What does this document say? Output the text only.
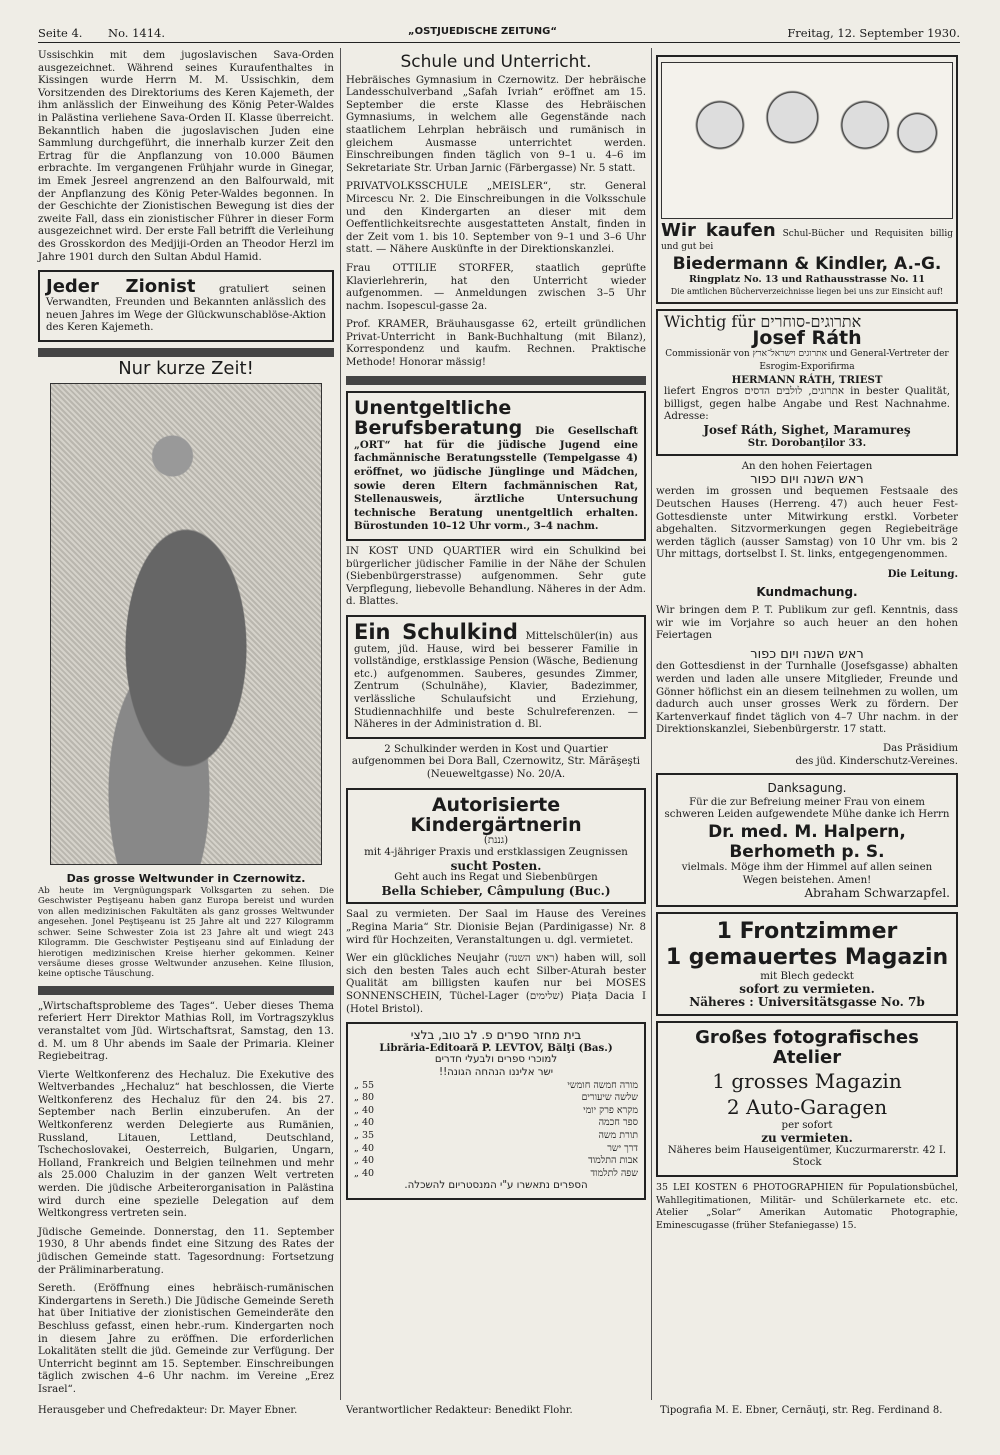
Seite 4. No. 1414.	„OSTJUEDISCHE ZEITUNG“	Freitag, 12. September 1930.

Ussischkin mit dem jugoslavischen Sava-Orden ausgezeichnet. Während seines Kuraufenthaltes in Kissingen wurde Herrn M. M. Ussischkin, dem Vorsitzenden des Direktoriums des Keren Kajemeth, der ihm anlässlich der Einweihung des König Peter-Waldes in Palästina verliehene Sava-Orden II. Klasse überreicht. Bekanntlich haben die jugoslavischen Juden eine Sammlung durchgeführt, die innerhalb kurzer Zeit den Ertrag für die Anpflanzung von 10.000 Bäumen erbrachte. Im vergangenen Frühjahr wurde in Ginegar, im Emek Jesreel angrenzend an den Balfourwald, mit der Anpflanzung des König Peter-Waldes begonnen. In der Geschichte der Zionistischen Bewegung ist dies der zweite Fall, dass ein zionistischer Führer in dieser Form ausgezeichnet wird. Der erste Fall betrifft die Verleihung des Grosskordon des Medjiji-Orden an Theodor Herzl im Jahre 1901 durch den Sultan Abdul Hamid.

Jeder Zionist gratuliert seinen Verwandten, Freunden und Bekannten anlässlich des neuen Jahres im Wege der Glückwunschablöse-Aktion des Keren Kajemeth.
Nur kurze Zeit!
Das grosse Weltwunder in Czernowitz.

Ab heute im Vergnügungspark Volksgarten zu sehen. Die Geschwister Peştişeanu haben ganz Europa bereist und wurden von allen medizinischen Fakultäten als ganz grosses Weltwunder angesehen. Jonel Peştişeanu ist 25 Jahre alt und 227 Kilogramm schwer. Seine Schwester Zoia ist 23 Jahre alt und wiegt 243 Kilogramm. Die Geschwister Peştişeanu sind auf Einladung der hierotigen medizinischen Kreise hierher gekommen. Keiner versäume dieses grosse Weltwunder anzusehen. Keine Illusion, keine optische Täuschung.

„Wirtschaftsprobleme des Tages“. Ueber dieses Thema referiert Herr Direktor Mathias Roll, im Vortragszyklus veranstaltet vom Jüd. Wirtschaftsrat, Samstag, den 13. d. M. um 8 Uhr abends im Saale der Primaria. Kleiner Regiebeitrag.

Vierte Weltkonferenz des Hechaluz. Die Exekutive des Weltverbandes „Hechaluz“ hat beschlossen, die Vierte Weltkonferenz des Hechaluz für den 24. bis 27. September nach Berlin einzuberufen. An der Weltkonferenz werden Delegierte aus Rumänien, Russland, Litauen, Lettland, Deutschland, Tschechoslovakei, Oesterreich, Bulgarien, Ungarn, Holland, Frankreich und Belgien teilnehmen und mehr als 25.000 Chaluzim in der ganzen Welt vertreten werden. Die jüdische Arbeiterorganisation in Palästina wird durch eine spezielle Delegation auf dem Weltkongress vertreten sein.

Jüdische Gemeinde. Donnerstag, den 11. September 1930, 8 Uhr abends findet eine Sitzung des Rates der jüdischen Gemeinde statt. Tagesordnung: Fortsetzung der Präliminarberatung.

Sereth. (Eröffnung eines hebräisch-rumänischen Kindergartens in Sereth.) Die Jüdische Gemeinde Sereth hat über Initiative der zionistischen Gemeinderäte den Beschluss gefasst, einen hebr.-rum. Kindergarten noch in diesem Jahre zu eröffnen. Die erforderlichen Lokalitäten stellt die jüd. Gemeinde zur Verfügung. Der Unterricht beginnt am 15. September. Einschreibungen täglich zwischen 4–6 Uhr nachm. im Vereine „Erez Israel“.

Schule und Unterricht.

Hebräisches Gymnasium in Czernowitz. Der hebräische Landesschulverband „Safah Ivriah“ eröffnet am 15. September die erste Klasse des Hebräischen Gymnasiums, in welchem alle Gegenstände nach staatlichem Lehrplan hebräisch und rumänisch in gleichem Ausmasse unterrichtet werden. Einschreibungen finden täglich von 9–1 u. 4–6 im Sekretariate Str. Urban Jarnic (Färbergasse) Nr. 5 statt.

PRIVATVOLKSSCHULE „MEISLER“, str. General Mircescu Nr. 2. Die Einschreibungen in die Volksschule und den Kindergarten an dieser mit dem Oeffentlichkeitsrechte ausgestatteten Anstalt, finden in der Zeit vom 1. bis 10. September von 9–1 und 3–6 Uhr statt. — Nähere Auskünfte in der Direktionskanzlei.

Frau OTTILIE STORFER, staatlich geprüfte Klavierlehrerin, hat den Unterricht wieder aufgenommen. — Anmeldungen zwischen 3–5 Uhr nachm. Isopescul-gasse 2a.

Prof. KRAMER, Bräuhausgasse 62, erteilt gründlichen Privat-Unterricht in Bank-Buchhaltung (mit Bilanz), Korrespondenz und kaufm. Rechnen. Praktische Methode! Honorar mässig!

Unentgeltliche Berufsberatung Die Gesellschaft „ORT“ hat für die jüdische Jugend eine fachmännische Beratungsstelle (Tempelgasse 4) eröffnet, wo jüdische Jünglinge und Mädchen, sowie deren Eltern fachmännischen Rat, Stellenausweis, ärztliche Untersuchung technische Beratung unentgeltlich erhalten. Bürostunden 10–12 Uhr vorm., 3–4 nachm.

IN KOST UND QUARTIER wird ein Schulkind bei bürgerlicher jüdischer Familie in der Nähe der Schulen (Siebenbürgerstrasse) aufgenommen. Sehr gute Verpflegung, liebevolle Behandlung. Näheres in der Adm. d. Blattes.

Ein Schulkind Mittelschüler(in) aus gutem, jüd. Hause, wird bei besserer Familie in vollständige, erstklassige Pension (Wäsche, Bedienung etc.) aufgenommen. Sauberes, gesundes Zimmer, Zentrum (Schulnähe), Klavier, Badezimmer, verlässliche Schulaufsicht und Erziehung, Studiennachhilfe und beste Schulreferenzen. — Näheres in der Administration d. Bl.

2 Schulkinder werden in Kost und Quartier aufgenommen bei Dora Ball, Czernowitz, Str. Mărăşeşti (Neueweltgasse) No. 20/A.

Autorisierte Kindergärtnerin
(גננת)
mit 4-jähriger Praxis und erstklassigen Zeugnissen
sucht Posten.
Geht auch ins Regat und Siebenbürgen
Bella Schieber, Câmpulung (Buc.)

Saal zu vermieten. Der Saal im Hause des Vereines „Regina Maria“ Str. Dionisie Bejan (Pardinigasse) Nr. 8 wird für Hochzeiten, Veranstaltungen u. dgl. vermietet.

Wer ein glückliches Neujahr (ראש השנה) haben will, soll sich den besten Tales auch echt Silber-Aturah bester Qualität am billigsten kaufen nur bei MOSES SONNENSCHEIN, Tüchel-Lager (שלימים) Piața Dacia I (Hotel Bristol).

בית מחזר ספרים פ. לב טוב, בלצי
Librăria-Editoară P. LEVTOV, Bălţi (Bas.)
למוכרי ספרים ולבעלי חדרים
ישר אליננו הנהחה הגונה!!
„ 55	מורה חמשה חומשי
„ 80	שלשה שיעורים
„ 40	מקרא פרק יומי
„ 40	ספר חכמה
„ 35	תורת משה
„ 40	דרך ישר
„ 40	אבות התלמוד
„ 40	שפה לתלמוד
הספרים נתאשרו ע"י המנסטריום להשכלה.
Wir kaufen Schul-Bücher und Requisiten billig und gut bei
Biedermann & Kindler, A.-G.
Ringplatz No. 13 und Rathausstrasse No. 11
Die amtlichen Bücherverzeichnisse liegen bei uns zur Einsicht auf!
Wichtig für אתרוגים-סוחרים
Josef Ráth
Commissionär von אתרוגים וישראל־ארץ und General-Vertreter der Esrogim-Exporifirma
HERMANN RÁTH, TRIEST
liefert Engros אתרוגים, לולבים הדסים in bester Qualität, billigst, gegen halbe Angabe und Rest Nachnahme. Adresse:
Josef Ráth, Sighet, Maramureş
Str. Dorobanţilor 33.
An den hohen Feiertagen
ראש השנה ויום כפור

werden im grossen und bequemen Festsaale des Deutschen Hauses (Herreng. 47) auch heuer Fest-Gottesdienste unter Mitwirkung erstkl. Vorbeter abgehalten. Sitzvormerkungen gegen Regiebeiträge werden täglich (ausser Samstag) von 10 Uhr vm. bis 2 Uhr mittags, dortselbst I. St. links, entgegengenommen.

Die Leitung.
Kundmachung.

Wir bringen dem P. T. Publikum zur gefl. Kenntnis, dass wir wie im Vorjahre so auch heuer an den hohen Feiertagen

ראש השנה ויום כפור

den Gottesdienst in der Turnhalle (Josefsgasse) abhalten werden und laden alle unsere Mitglieder, Freunde und Gönner höflichst ein an diesem teilnehmen zu wollen, um dadurch auch unser grosses Werk zu fördern. Der Kartenverkauf findet täglich von 4–7 Uhr nachm. in der Direktionskanzlei, Siebenbürgerstr. 17 statt.

Das Präsidium
des jüd. Kinderschutz-Vereines.
Danksagung.
Für die zur Befreiung meiner Frau von einem schweren Leiden aufgewendete Mühe danke ich Herrn
Dr. med. M. Halpern, Berhometh p. S.
vielmals. Möge ihm der Himmel auf allen seinen Wegen beistehen. Amen!
Abraham Schwarzapfel.
1 Frontzimmer
1 gemauertes Magazin
mit Blech gedeckt
sofort zu vermieten.
Näheres : Universitätsgasse No. 7b
Großes fotografisches Atelier
1 grosses Magazin
2 Auto-Garagen
per sofort
zu vermieten.
Näheres beim Hauseigentümer, Kuczurmarerstr. 42 I. Stock

35 LEI KOSTEN 6 PHOTOGRAPHIEN für Populationsbüchel, Wahllegitimationen, Militär- und Schülerkarnete etc. etc. Atelier „Solar“ Amerikan Automatic Photographie, Eminescugasse (früher Stefaniegasse) 15.

Herausgeber und Chefredakteur: Dr. Mayer Ebner.	Verantwortlicher Redakteur: Benedikt Flohr.	Tipografia M. E. Ebner, Cernăuţi, str. Reg. Ferdinand 8.
